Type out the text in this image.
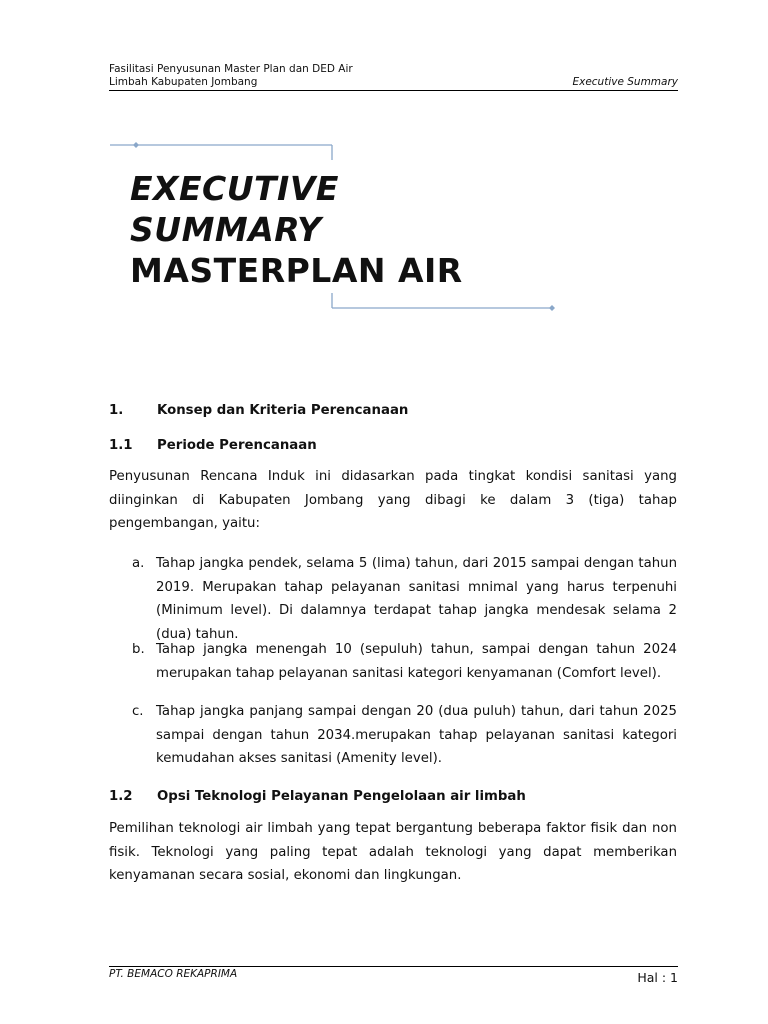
Fasilitasi Penyusunan Master Plan dan DED Air
Limbah Kabupaten Jombang	Executive Summary
EXECUTIVE
SUMMARY
MASTERPLAN AIR
1.	Konsep dan Kriteria Perencanaan
1.1 Periode Perencanaan
Penyusunan Rencana Induk ini didasarkan pada tingkat kondisi sanitasi yang diinginkan di Kabupaten Jombang yang dibagi ke dalam 3 (tiga) tahap pengembangan, yaitu:
a. Tahap jangka pendek, selama 5 (lima) tahun, dari 2015 sampai dengan tahun 2019. Merupakan tahap pelayanan sanitasi mnimal yang harus terpenuhi (Minimum level). Di dalamnya terdapat tahap jangka mendesak selama 2 (dua) tahun.
b. Tahap jangka menengah 10 (sepuluh) tahun, sampai dengan tahun 2024 merupakan tahap pelayanan sanitasi kategori kenyamanan (Comfort level).
c. Tahap jangka panjang sampai dengan 20 (dua puluh) tahun, dari tahun 2025 sampai dengan tahun 2034.merupakan tahap pelayanan sanitasi kategori kemudahan akses sanitasi (Amenity level).
1.2 Opsi Teknologi Pelayanan Pengelolaan air limbah
Pemilihan teknologi air limbah yang tepat bergantung beberapa faktor fisik dan non fisik. Teknologi yang paling tepat adalah teknologi yang dapat memberikan kenyamanan secara sosial, ekonomi dan lingkungan.
PT. BEMACO REKAPRIMA	Hal : 1
